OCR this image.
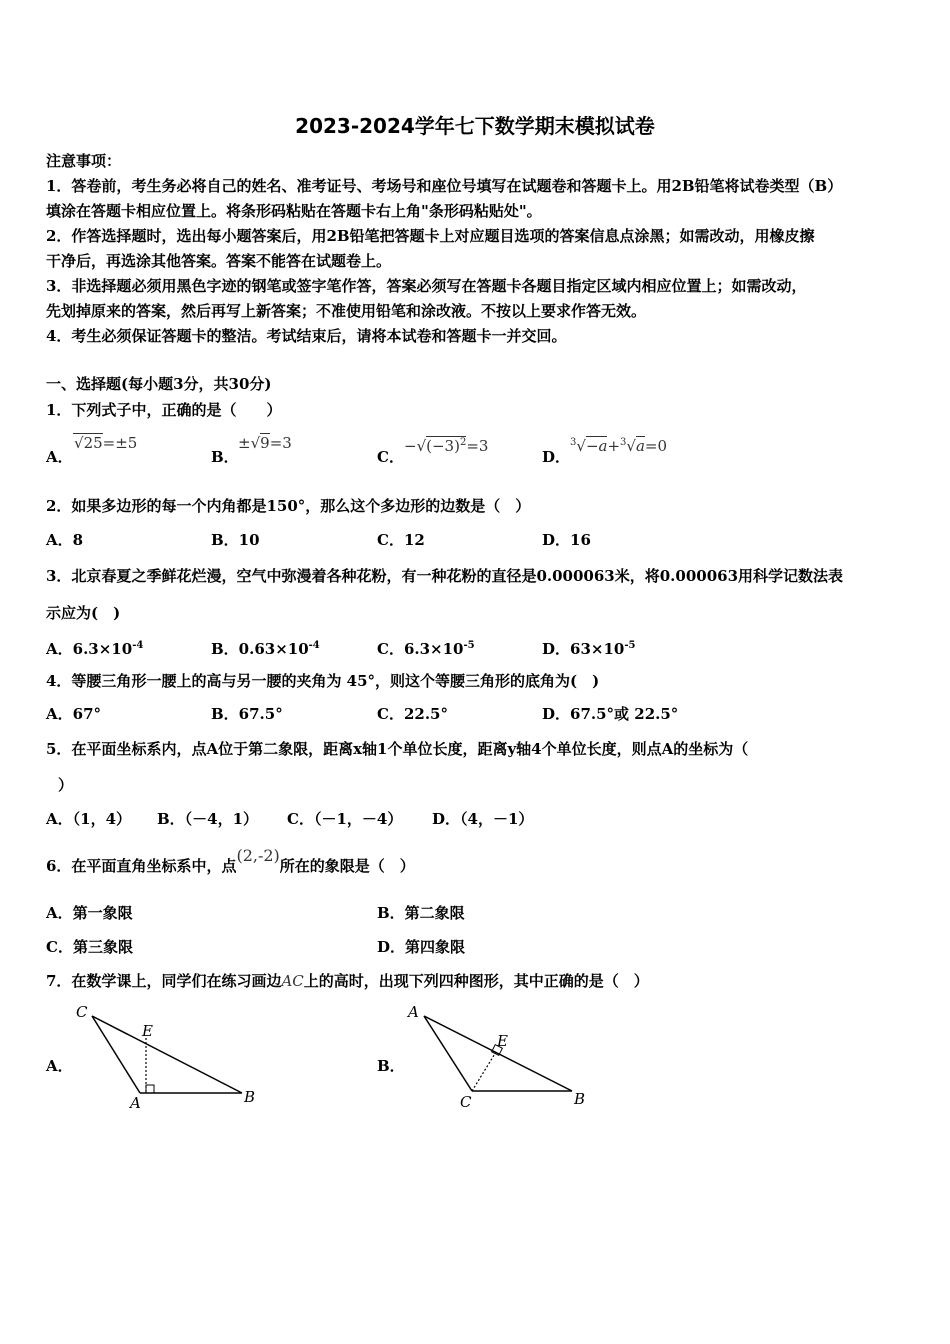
2023-2024学年七下数学期末模拟试卷
注意事项：
1．答卷前，考生务必将自己的姓名、准考证号、考场号和座位号填写在试题卷和答题卡上。用2B铅笔将试卷类型（B）
填涂在答题卡相应位置上。将条形码粘贴在答题卡右上角"条形码粘贴处"。
2．作答选择题时，选出每小题答案后，用2B铅笔把答题卡上对应题目选项的答案信息点涂黑；如需改动，用橡皮擦
干净后，再选涂其他答案。答案不能答在试题卷上。
3．非选择题必须用黑色字迹的钢笔或签字笔作答，答案必须写在答题卡各题目指定区域内相应位置上；如需改动，
先划掉原来的答案，然后再写上新答案；不准使用铅笔和涂改液。不按以上要求作答无效。
4．考生必须保证答题卡的整洁。考试结束后，请将本试卷和答题卡一并交回。
一、选择题(每小题3分，共30分)
1．下列式子中，正确的是（　　）
A．
√25=±5
B．
±√9=3
C．
$-√(-3)^2=3$
D．
$^3$√−a+$^3$√a=0
2．如果多边形的每一个内角都是150°，那么这个多边形的边数是（　）
A．8	B．10	C．12	D．16
3．北京春夏之季鲜花烂漫，空气中弥漫着各种花粉，有一种花粉的直径是0.000063米，将0.000063用科学记数法表
示应为(　)
A．$6.3\times 10^{-4}$	B．$0.63\times 10^{-4}$	C．$6.3\times 10^{-5}$	D．$63\times 10^{-5}$
4．等腰三角形一腰上的高与另一腰的夹角为 45°，则这个等腰三角形的底角为(　)
A．67°	B．67.5°	C．22.5°	D．67.5°或 22.5°
5．在平面坐标系内，点A位于第二象限，距离x轴1个单位长度，距离y轴4个单位长度，则点A的坐标为（
）
A．（1，4） B．（－4，1） C．（－1，－4） D．（4，－1）
6．在平面直角坐标系中，点(2,-2)所在的象限是（　）
A．第一象限	B．第二象限
C．第三象限	D．第四象限
7．在数学课上，同学们在练习画边AC上的高时，出现下列四种图形，其中正确的是（　）
A．
C
E
A	B
B．
A
E
C	B
